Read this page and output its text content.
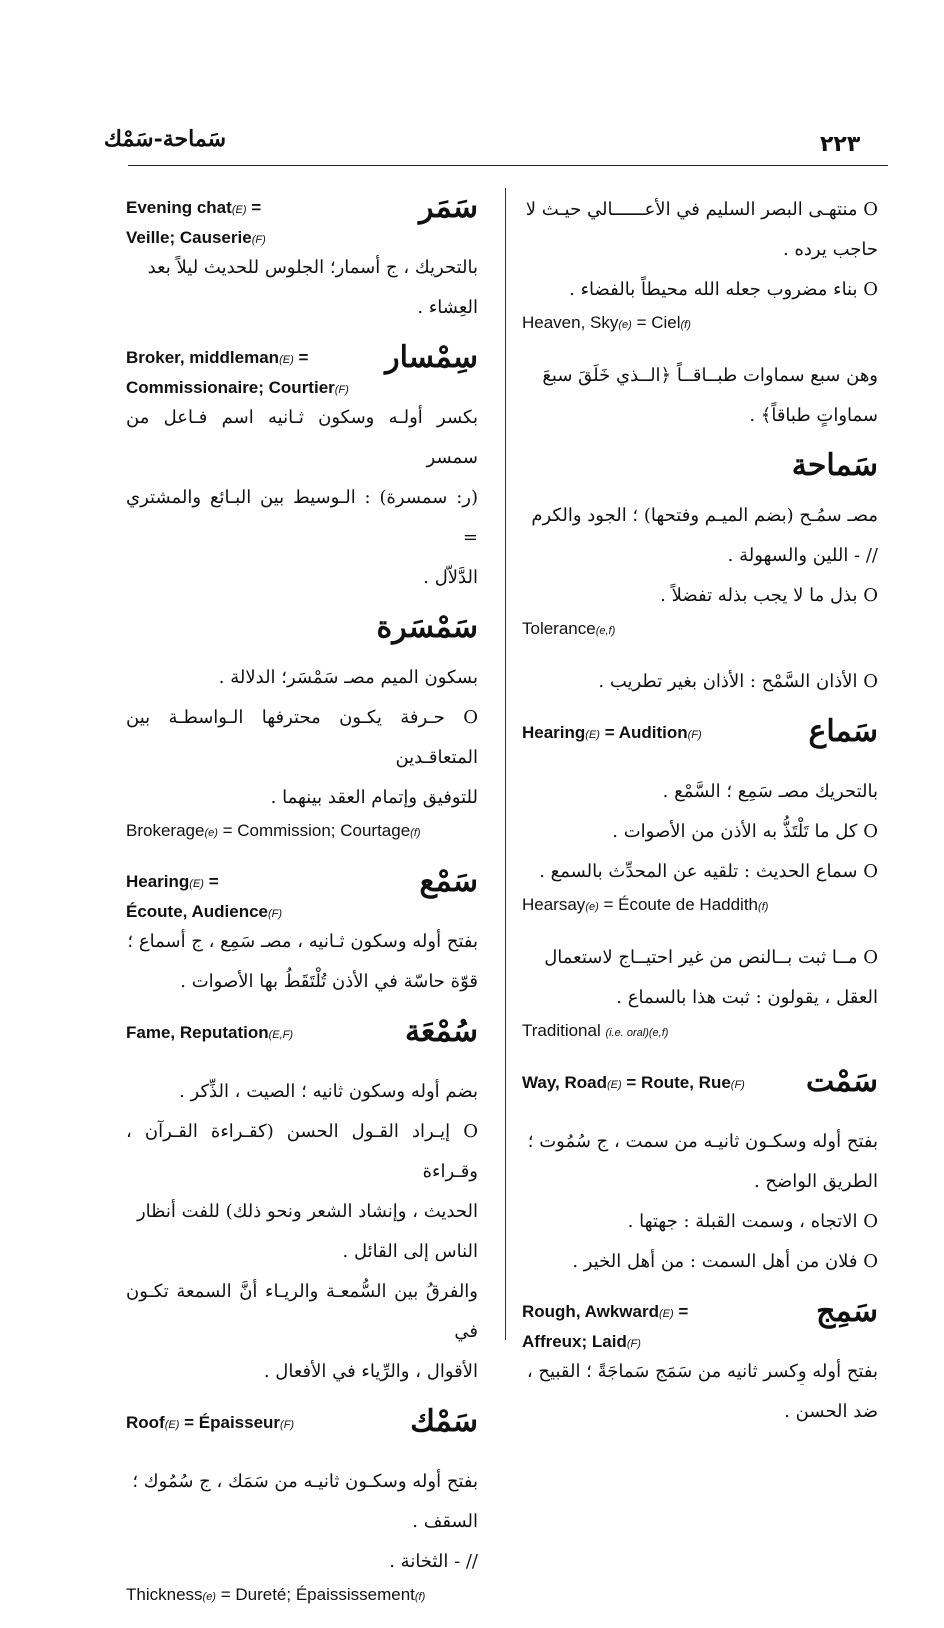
٢٢٣
سَماحة-سَمْك
O منتهـى البصر السليم في الأعــــــالي حيـث لا
حاجب يرده .
O بناء مضروب جعله الله محيطاً بالفضاء .
Heaven, Sky(e) = Ciel(f)
وهن سبع سماوات طبــاقــاً ﴿الــذي خَلَقَ سبعَ
سماواتٍ طباقاً﴾ .
سَماحة
مصـ سمُـح (بضم الميـم وفتحها) ؛ الجود والكرم
// - اللين والسهولة .
O بذل ما لا يجب بذله تفضلاً .
Tolerance(e,f)
O الأذان السَّمْح : الأذان بغير تطريب .
سَماع
Hearing(E) = Audition(F)
بالتحريك مصـ سَمِع ؛ السَّمْع .
O كل ما تَلْتَذُّ به الأذن من الأصوات .
O سماع الحديث : تلقيه عن المحدِّث بالسمع .
Hearsay(e) = Écoute de Haddith(f)
O مــا ثبت بــالنص من غير احتيــاج لاستعمال
العقل ، يقولون : ثبت هذا بالسماع .
Traditional (i.e. oral)(e,f)
سَمْت
Way, Road(E) = Route, Rue(F)
بفتح أوله وسكـون ثانيـه من سمت ، ج سُمُوت ؛
الطريق الواضح .
O الاتجاه ، وسمت القبلة : جهتها .
O فلان من أهل السمت : من أهل الخير .
سَمِج
Rough, Awkward(E) =
Affreux; Laid(F)
بفتح أوله وكسر ثانيه من سَمَج سَماجَةً ؛ القبيح ،
ضد الحسن .
سَمَر
Evening chat(E) =
Veille; Causerie(F)
بالتحريك ، ج أسمار؛ الجلوس للحديث ليلاً بعد
العِشاء .
سِمْسار
Broker, middleman(E) =
Commissionaire; Courtier(F)
بكسر أولـه وسكون ثـانيه اسم فـاعل من سمسر
(ر: سمسرة) : الـوسيط بين البـائع والمشتري =
الدَّلاّل .
سَمْسَرة
بسكون الميم مصـ سَمْسَر؛ الدلالة .
O حـرفة يكـون محترفها الـواسطـة بين المتعاقـدين
للتوفيق وإتمام العقد بينهما .
Brokerage(e) = Commission; Courtage(f)
سَمْع
Hearing(E) =
Écoute, Audience(F)
بفتح أوله وسكون ثـانيه ، مصـ سَمِع ، ج أسماع ؛
قوّة حاسّة في الأذن تُلْتَقَطُ بها الأصوات .
سُمْعَة
Fame, Reputation(E,F)
بضم أوله وسكون ثانيه ؛ الصيت ، الذِّكر .
O إيـراد القـول الحسن (كقـراءة القـرآن ، وقـراءة
الحديث ، وإنشاد الشعر ونحو ذلك) للفت أنظار
الناس إلى القائل .
والفرقُ بين السُّمعـة والريـاء أنَّ السمعة تكـون في
الأقوال ، والرِّياء في الأفعال .
سَمْك
Roof(E) = Épaisseur(F)
بفتح أوله وسكـون ثانيـه من سَمَك ، ج سُمُوك ؛
السقف .
// - الثخانة .
Thickness(e) = Dureté; Épaississement(f)
